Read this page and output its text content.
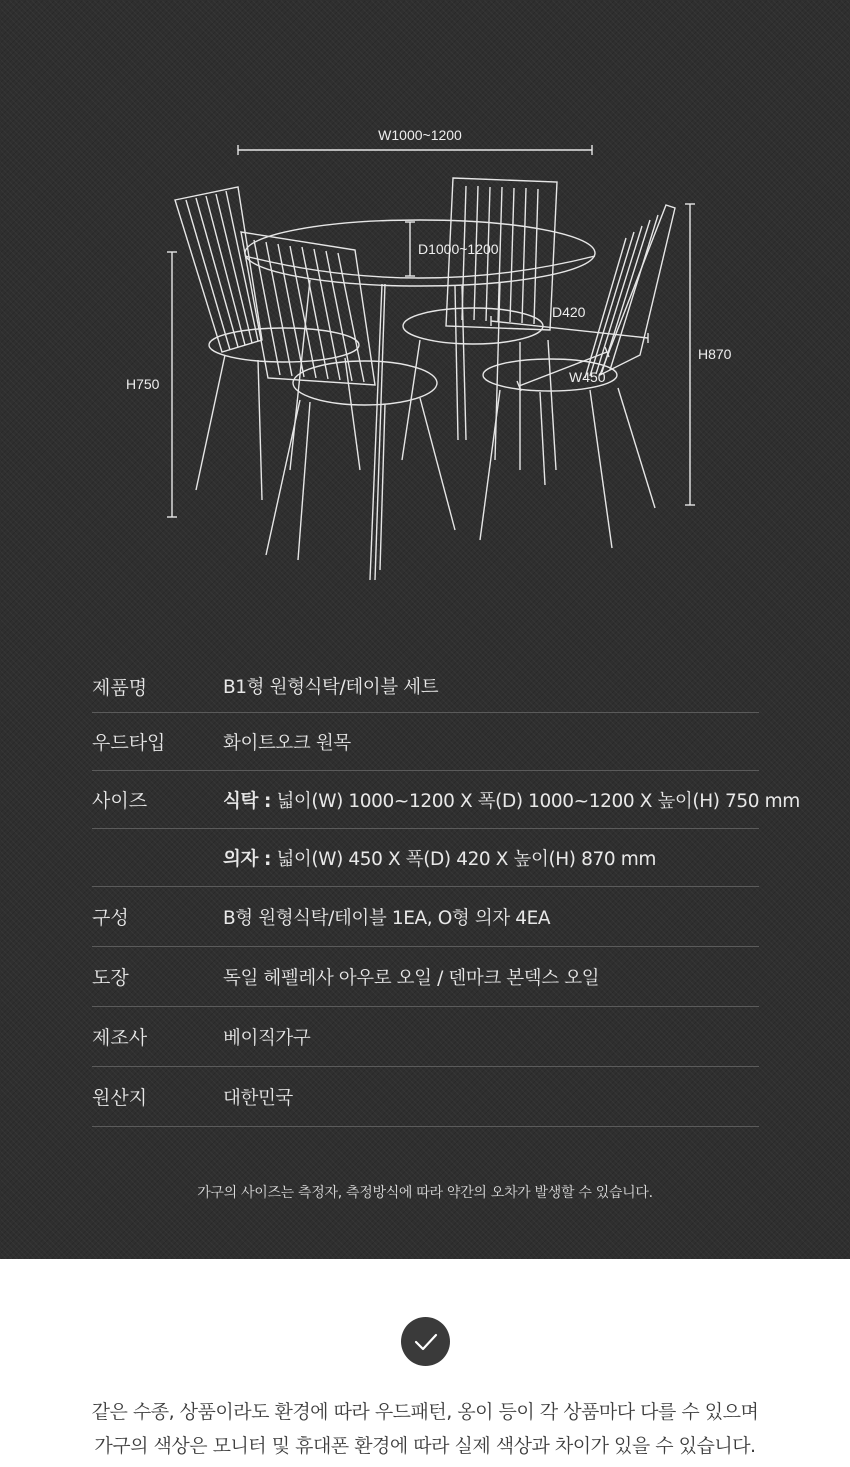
W1000~1200
D1000~1200
H750
H870
D420
W450
제품명	B1형 원형식탁/테이블 세트
우드타입	화이트오크 원목
사이즈	식탁 : 넓이(W) 1000~1200 X 폭(D) 1000~1200 X 높이(H) 750 mm
의자 : 넓이(W) 450 X 폭(D) 420 X 높이(H) 870 mm
구성	B형 원형식탁/테이블 1EA, O형 의자 4EA
도장	독일 헤펠레사 아우로 오일 / 덴마크 본덱스 오일
제조사	베이직가구
원산지	대한민국
가구의 사이즈는 측정자, 측정방식에 따라 약간의 오차가 발생할 수 있습니다.
같은 수종, 상품이라도 환경에 따라 우드패턴, 옹이 등이 각 상품마다 다를 수 있으며
가구의 색상은 모니터 및 휴대폰 환경에 따라 실제 색상과 차이가 있을 수 있습니다.
